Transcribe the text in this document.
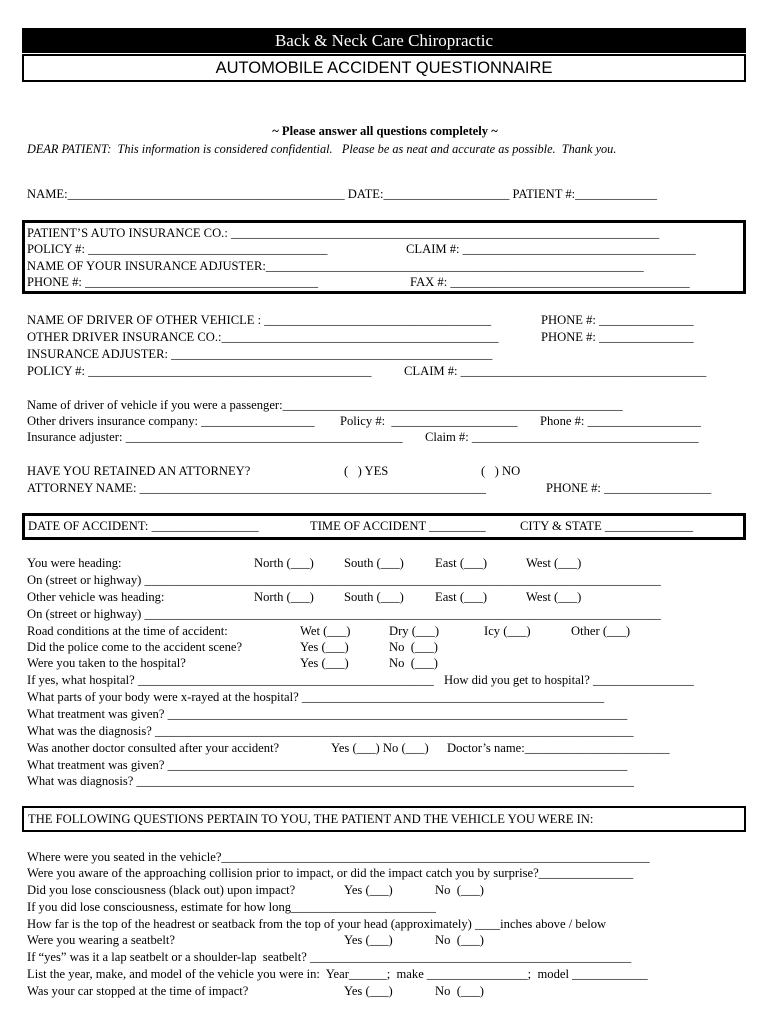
Back & Neck Care Chiropractic
AUTOMOBILE ACCIDENT QUESTIONNAIRE
~ Please answer all questions completely ~
DEAR PATIENT:  This information is considered confidential.   Please be as neat and accurate as possible.  Thank you.
NAME:____________________________________________ DATE:____________________ PATIENT #:_____________
PATIENT’S AUTO INSURANCE CO.: ____________________________________________________________________
POLICY #: ______________________________________	CLAIM #: _____________________________________
NAME OF YOUR INSURANCE ADJUSTER:____________________________________________________________
PHONE #: _____________________________________	FAX #: ______________________________________
NAME OF DRIVER OF OTHER VEHICLE : ____________________________________	PHONE #: _______________
OTHER DRIVER INSURANCE CO.:____________________________________________	PHONE #: _______________
INSURANCE ADJUSTER: ___________________________________________________
POLICY #: _____________________________________________	CLAIM #: _______________________________________
Name of driver of vehicle if you were a passenger:______________________________________________________
Other drivers insurance company: __________________ Policy #:  ____________________ Phone #: __________________
Insurance adjuster: ____________________________________________ Claim #: ____________________________________
HAVE YOU RETAINED AN ATTORNEY?	(   ) YES	(   ) NO
ATTORNEY NAME: _______________________________________________________	PHONE #: _________________
DATE OF ACCIDENT: _________________	TIME OF ACCIDENT _________	CITY & STATE ______________
You were heading:	North (___) South (___) East (___)	West (___)
On (street or highway) __________________________________________________________________________________
Other vehicle was heading:	North (___) South (___) East (___)	West (___)
On (street or highway) __________________________________________________________________________________
Road conditions at the time of accident:	Wet (___)	Dry (___)	Icy (___)	Other (___)
Did the police come to the accident scene?	Yes (___)	No  (___)
Were you taken to the hospital?	Yes (___)	No  (___)
If yes, what hospital? _______________________________________________ How did you get to hospital? ________________
What parts of your body were x-rayed at the hospital? ________________________________________________
What treatment was given? _________________________________________________________________________
What was the diagnosis? ____________________________________________________________________________
Was another doctor consulted after your accident?	Yes (___) No (___) Doctor’s name:_______________________
What treatment was given? _________________________________________________________________________
What was diagnosis? _______________________________________________________________________________
THE FOLLOWING QUESTIONS PERTAIN TO YOU, THE PATIENT AND THE VEHICLE YOU WERE IN:
Where were you seated in the vehicle?____________________________________________________________________
Were you aware of the approaching collision prior to impact, or did the impact catch you by surprise?_______________
Did you lose consciousness (black out) upon impact?	Yes (___)	No  (___)
If you did lose consciousness, estimate for how long_______________________
How far is the top of the headrest or seatback from the top of your head (approximately) ____inches above / below
Were you wearing a seatbelt?	Yes (___)	No  (___)
If “yes” was it a lap seatbelt or a shoulder-lap  seatbelt? ___________________________________________________
List the year, make, and model of the vehicle you were in:  Year______;  make ________________;  model ____________
Was your car stopped at the time of impact?	Yes (___)	No  (___)
